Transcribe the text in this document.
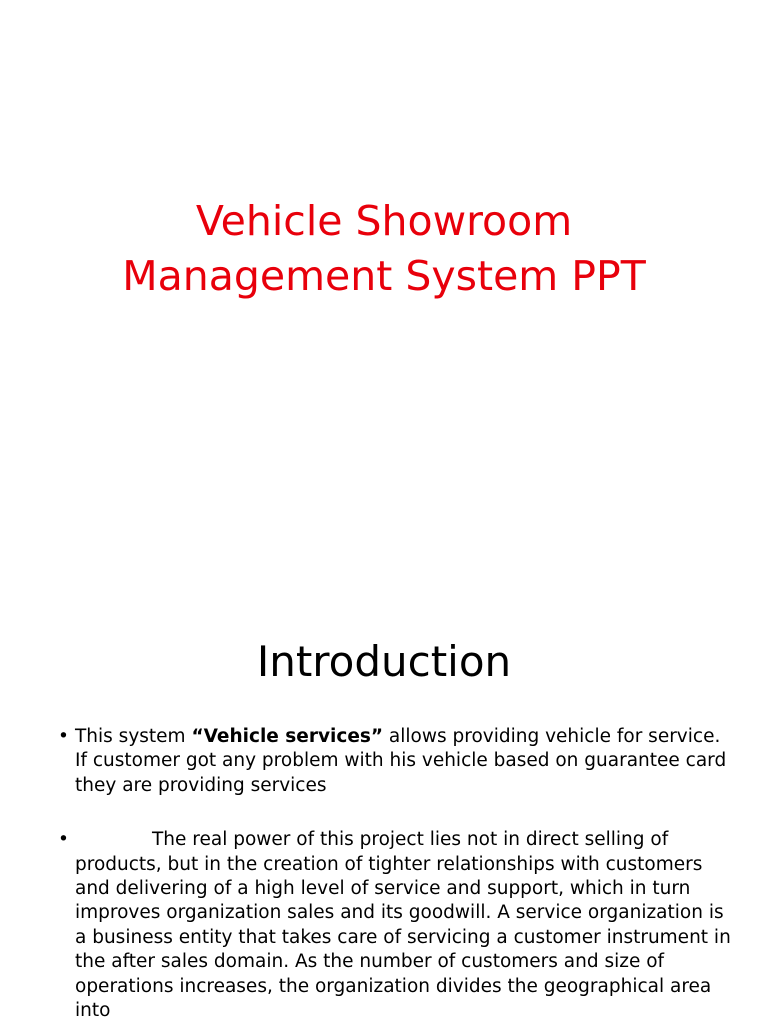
Vehicle Showroom
Management System PPT
Introduction
• This system “Vehicle services” allows providing vehicle for service. If customer got any problem with his vehicle based on guarantee card they are providing services
•	The real power of this project lies not in direct selling of products, but in the creation of tighter relationships with customers and delivering of a high level of service and support, which in turn improves organization sales and its goodwill. A service organization is a business entity that takes care of servicing a customer instrument in the after sales domain. As the number of customers and size of operations increases, the organization divides the geographical area into
